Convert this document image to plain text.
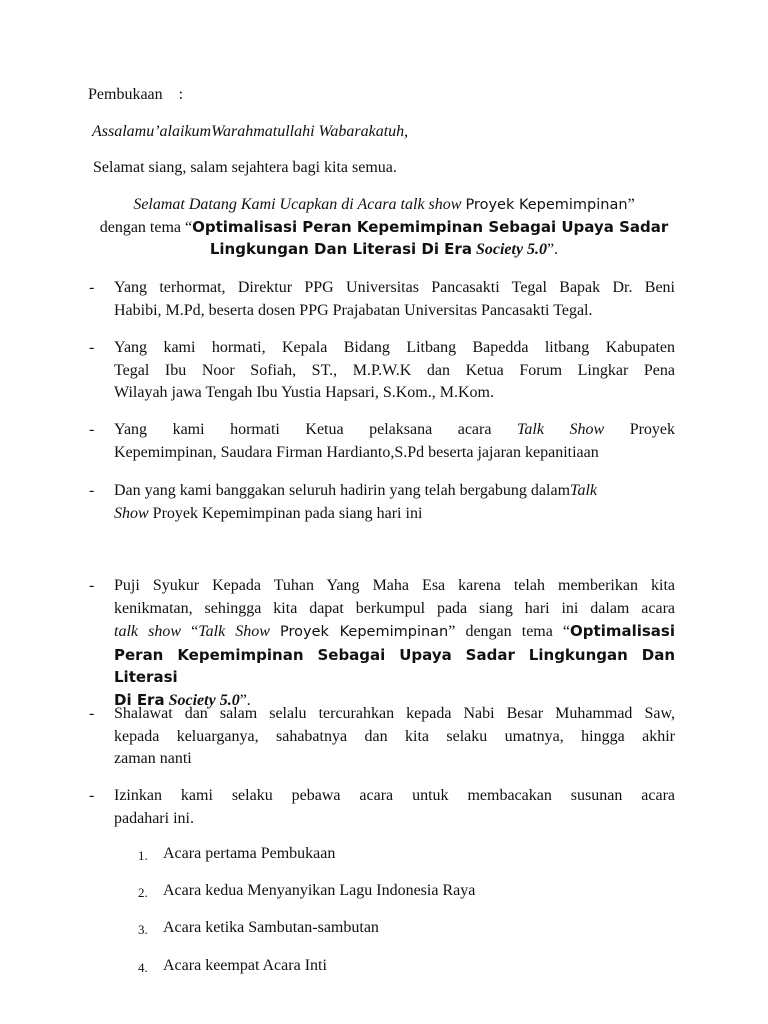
Pembukaan :
Assalamu’alaikumWarahmatullahi Wabarakatuh,
Selamat siang, salam sejahtera bagi kita semua.
Selamat Datang Kami Ucapkan di Acara talk show Proyek Kepemimpinan”
dengan tema “Optimalisasi Peran Kepemimpinan Sebagai Upaya Sadar
Lingkungan Dan Literasi Di Era Society 5.0”.
- Yang terhormat, Direktur PPG Universitas Pancasakti Tegal Bapak Dr. Beni
Habibi, M.Pd, beserta dosen PPG Prajabatan Universitas Pancasakti Tegal.
- Yang kami hormati, Kepala Bidang Litbang Bapedda litbang Kabupaten
Tegal Ibu Noor Sofiah, ST., M.P.W.K dan Ketua Forum Lingkar Pena
Wilayah jawa Tengah Ibu Yustia Hapsari, S.Kom., M.Kom.
- Yang kami hormati Ketua pelaksana acara Talk Show Proyek
Kepemimpinan, Saudara Firman Hardianto,S.Pd beserta jajaran kepanitiaan
- Dan yang kami banggakan seluruh hadirin yang telah bergabung dalamTalk
Show Proyek Kepemimpinan pada siang hari ini
- Puji Syukur Kepada Tuhan Yang Maha Esa karena telah memberikan kita
kenikmatan, sehingga kita dapat berkumpul pada siang hari ini dalam acara
talk show “Talk Show Proyek Kepemimpinan” dengan tema “Optimalisasi
Peran Kepemimpinan Sebagai Upaya Sadar Lingkungan Dan Literasi
Di Era Society 5.0”.
- Shalawat dan salam selalu tercurahkan kepada Nabi Besar Muhammad Saw,
kepada keluarganya, sahabatnya dan kita selaku umatnya, hingga akhir
zaman nanti
- Izinkan kami selaku pebawa acara untuk membacakan susunan acara
padahari ini.
1. Acara pertama Pembukaan
2. Acara kedua Menyanyikan Lagu Indonesia Raya
3. Acara ketika Sambutan-sambutan
4. Acara keempat Acara Inti
